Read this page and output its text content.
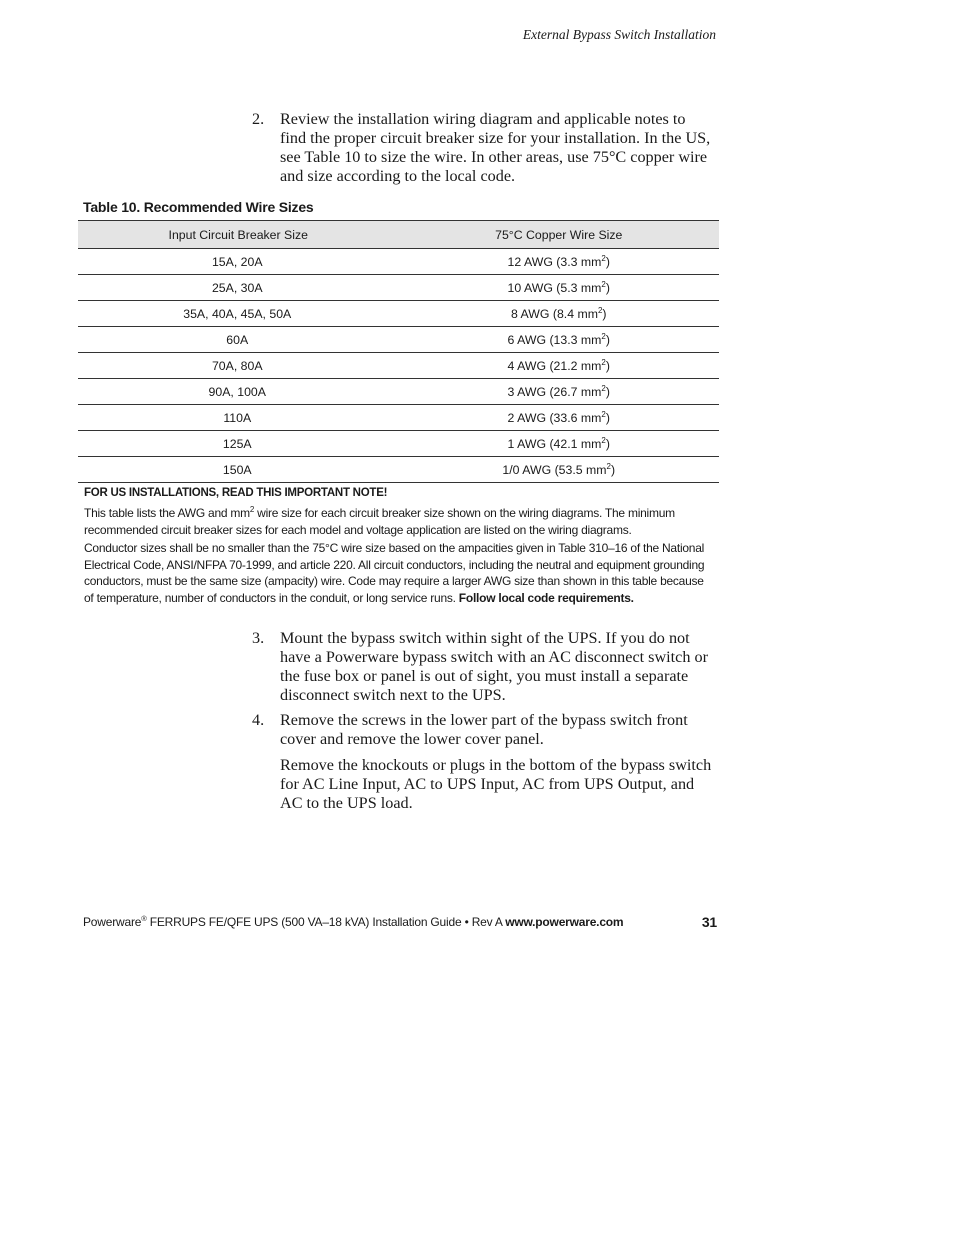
External Bypass Switch Installation
2. Review the installation wiring diagram and applicable notes to find the proper circuit breaker size for your installation. In the US, see Table 10 to size the wire. In other areas, use 75°C copper wire and size according to the local code.
Table 10. Recommended Wire Sizes
Input Circuit Breaker Size	75°C Copper Wire Size
15A, 20A	12 AWG (3.3 $mm^2$)
25A, 30A	10 AWG (5.3 $mm^2$)
35A, 40A, 45A, 50A	8 AWG (8.4 $mm^2$)
60A	6 AWG (13.3 $mm^2$)
70A, 80A	4 AWG (21.2 $mm^2$)
90A, 100A	3 AWG (26.7 $mm^2$)
110A	2 AWG (33.6 $mm^2$)
125A	1 AWG (42.1 $mm^2$)
150A	1/0 AWG (53.5 $mm^2$)
FOR US INSTALLATIONS, READ THIS IMPORTANT NOTE!
This table lists the AWG and $mm^2$ wire size for each circuit breaker size shown on the wiring diagrams. The minimum recommended circuit breaker sizes for each model and voltage application are listed on the wiring diagrams.
Conductor sizes shall be no smaller than the 75°C wire size based on the ampacities given in Table 310–16 of the National Electrical Code, ANSI/NFPA 70-1999, and article 220. All circuit conductors, including the neutral and equipment grounding conductors, must be the same size (ampacity) wire. Code may require a larger AWG size than shown in this table because of temperature, number of conductors in the conduit, or long service runs. Follow local code requirements.
3. Mount the bypass switch within sight of the UPS. If you do not have a Powerware bypass switch with an AC disconnect switch or the fuse box or panel is out of sight, you must install a separate disconnect switch next to the UPS.
4. Remove the screws in the lower part of the bypass switch front cover and remove the lower cover panel.
Remove the knockouts or plugs in the bottom of the bypass switch for AC Line Input, AC to UPS Input, AC from UPS Output, and AC to the UPS load.
Powerware® FERRUPS FE/QFE UPS (500 VA–18 kVA) Installation Guide • Rev A www.powerware.com	31
